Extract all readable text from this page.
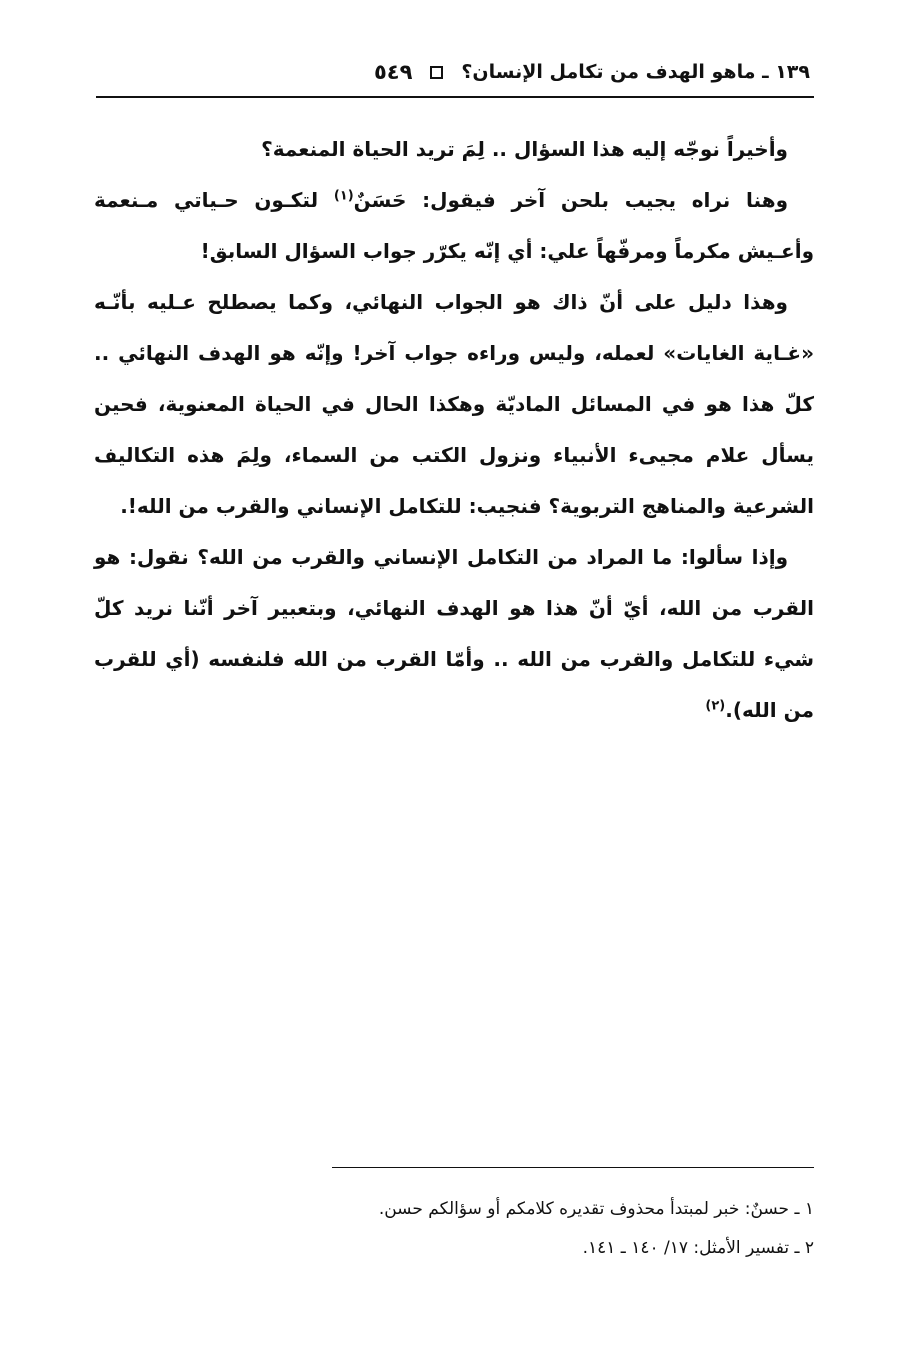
١٣٩ ـ ماهو الهدف من تكامل الإنسان؟
٥٤٩

وأخيراً نوجّه إليه هذا السؤال .. لِمَ تريد الحياة المنعمة؟

وهنا نراه يجيب بلحن آخر فيقول: حَسَنٌ$^{(١)}$ لتكـون حـياتي مـنعمة وأعـيش مكرماً ومرفّهاً علي: أي إنّه يكرّر جواب السؤال السابق!

وهذا دليل على أنّ ذاك هو الجواب النهائي، وكما يصطلح عـليه بأنّـه «غـاية الغايات» لعمله، وليس وراءه جواب آخر! وإنّه هو الهدف النهائي .. كلّ هذا هو في المسائل الماديّة وهكذا الحال في الحياة المعنوية، فحين يسأل علام مجيىء الأنبياء ونزول الكتب من السماء، ولِمَ هذه التكاليف الشرعية والمناهج التربوية؟ فنجيب: للتكامل الإنساني والقرب من الله!.

وإذا سألوا: ما المراد من التكامل الإنساني والقرب من الله؟ نقول: هو القرب من الله، أيّ أنّ هذا هو الهدف النهائي، وبتعبير آخر أنّنا نريد كلّ شيء للتكامل والقرب من الله .. وأمّا القرب من الله فلنفسه (أي للقرب من الله).$^{(٢)}$

١ ـ حسنٌ: خبر لمبتدأ محذوف تقديره كلامكم أو سؤالكم حسن.

٢ ـ تفسير الأمثل: ١٧/ ١٤٠ ـ ١٤١.
